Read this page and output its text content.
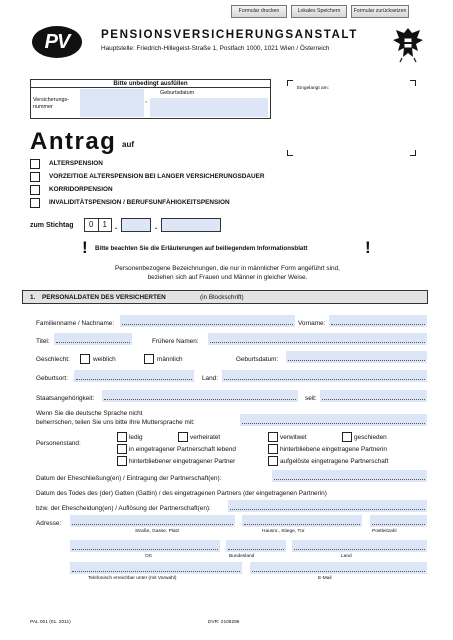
Formular drucken	Lokales Speichern	Formular zurücksetzen
PV	PENSIONSVERSICHERUNGSANSTALT
Hauptstelle: Friedrich-Hillegeist-Straße 1, Postfach 1000, 1021 Wien / Österreich
Bitte unbedingt ausfüllen
Versicherungs-
nummer
,
Geburtsdatum
Eingelangt am:
Antrag auf
ALTERSPENSION
VORZEITIGE ALTERSPENSION BEI LANGER VERSICHERUNGSDAUER
KORRIDORPENSION
INVALIDITÄTSPENSION / BERUFSUNFÄHIGKEITSPENSION
zum Stichtag	0	1	.	.
! Bitte beachten Sie die Erläuterungen auf beiliegendem Informationsblatt	!
Personenbezogene Bezeichnungen, die nur in männlicher Form angeführt sind,
beziehen sich auf Frauen und Männer in gleicher Weise.
1. PERSONALDATEN DES VERSICHERTEN	(in Blockschrift)
Familienname / Nachname:	Vorname:
Titel:	Frühere Namen:
Geschlecht:	weiblich	männlich	Geburtsdatum:
Geburtsort:	Land:
Staatsangehörigkeit:	seit:
Wenn Sie die deutsche Sprache nicht
beherrschen, teilen Sie uns bitte Ihre Muttersprache mit:
Personenstand:
ledig	verheiratet	verwitwet	geschieden
in eingetragener Partnerschaft lebend	hinterbliebene eingetragene Partnerin
hinterbliebener eingetragener Partner	aufgelöste eingetragene Partnerschaft
Datum der Eheschließung(en) / Eintragung der Partnerschaft(en):
Datum des Todes des (der) Gatten (Gattin) / des eingetragenen Partners (der eingetragenen Partnerin)
bzw. der Ehescheidung(en) / Auflösung der Partnerschaft(en):
Adresse:
Straße, Gasse, Platz	Hausnr., Stiege, Tür	Postleitzahl
Ort	Bundesland	Land
Telefonisch erreichbar unter (mit Vorwahl)	E-Mail
PAL 001 (01. 2011)	DVR: 2108296
